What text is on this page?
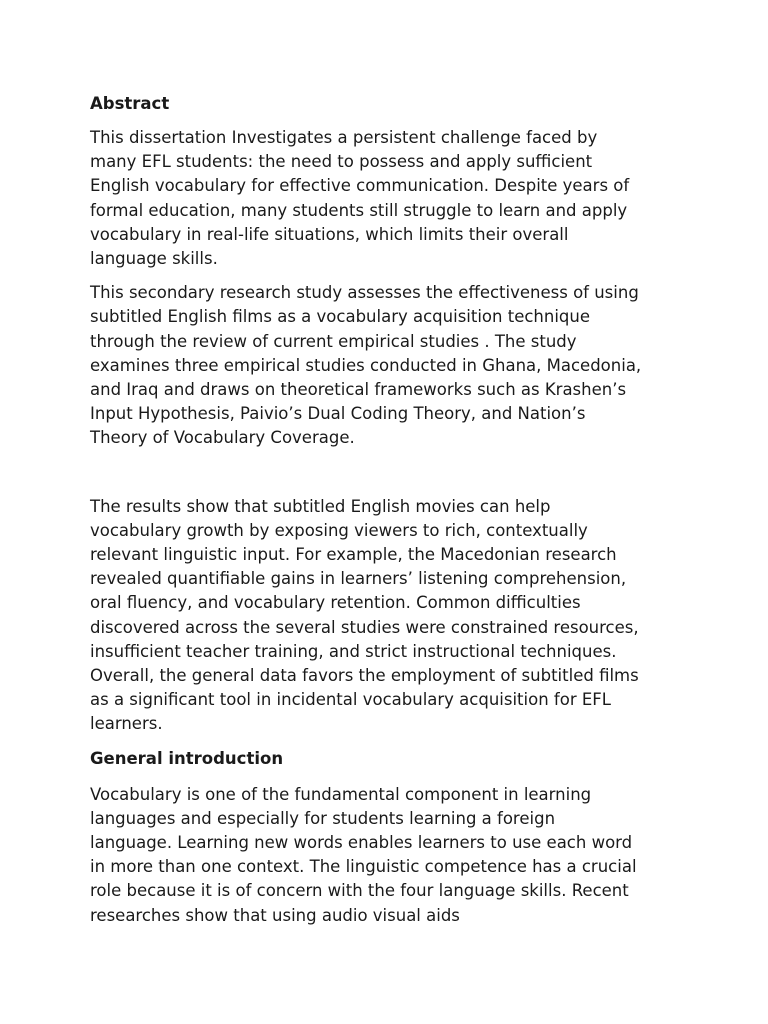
Abstract

This dissertation Investigates a persistent challenge faced by
many EFL students: the need to possess and apply sufficient
English vocabulary for effective communication. Despite years of
formal education, many students still struggle to learn and apply
vocabulary in real-life situations, which limits their overall
language skills.

This secondary research study assesses the effectiveness of using
subtitled English films as a vocabulary acquisition technique
through the review of current empirical studies . The study
examines three empirical studies conducted in Ghana, Macedonia,
and Iraq and draws on theoretical frameworks such as Krashen’s
Input Hypothesis, Paivio’s Dual Coding Theory, and Nation’s
Theory of Vocabulary Coverage.

The results show that subtitled English movies can help
vocabulary growth by exposing viewers to rich, contextually
relevant linguistic input. For example, the Macedonian research
revealed quantifiable gains in learners’ listening comprehension,
oral fluency, and vocabulary retention. Common difficulties
discovered across the several studies were constrained resources,
insufficient teacher training, and strict instructional techniques.
Overall, the general data favors the employment of subtitled films
as a significant tool in incidental vocabulary acquisition for EFL
learners.

General introduction

Vocabulary is one of the fundamental component in learning
languages and especially for students learning a foreign
language. Learning new words enables learners to use each word
in more than one context. The linguistic competence has a crucial
role because it is of concern with the four language skills. Recent
researches show that using audio visual aids
